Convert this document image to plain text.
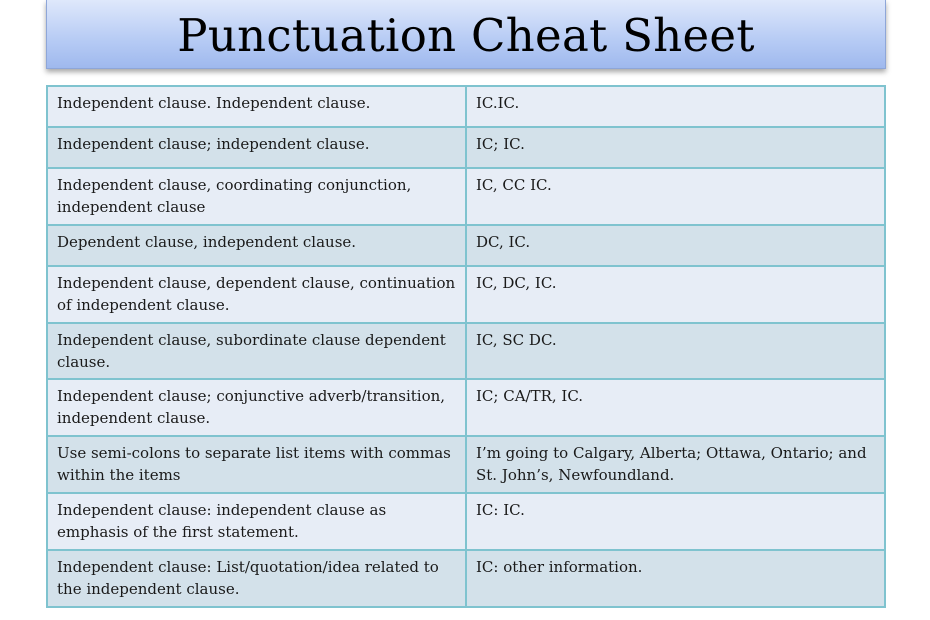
Punctuation Cheat Sheet
Independent clause. Independent clause.	IC.IC.
Independent clause; independent clause.	IC; IC.
Independent clause, coordinating conjunction, independent clause	IC, CC IC.
Dependent clause, independent clause.	DC, IC.
Independent clause, dependent clause, continuation of independent clause.	IC, DC, IC.
Independent clause, subordinate clause dependent clause.	IC, SC DC.
Independent clause; conjunctive adverb/transition, independent clause.	IC; CA/TR, IC.
Use semi-colons to separate list items with commas within the items	I’m going to Calgary, Alberta; Ottawa, Ontario; and St. John’s, Newfoundland.
Independent clause: independent clause as emphasis of the first statement.	IC: IC.
Independent clause: List/quotation/idea related to the independent clause.	IC: other information.
